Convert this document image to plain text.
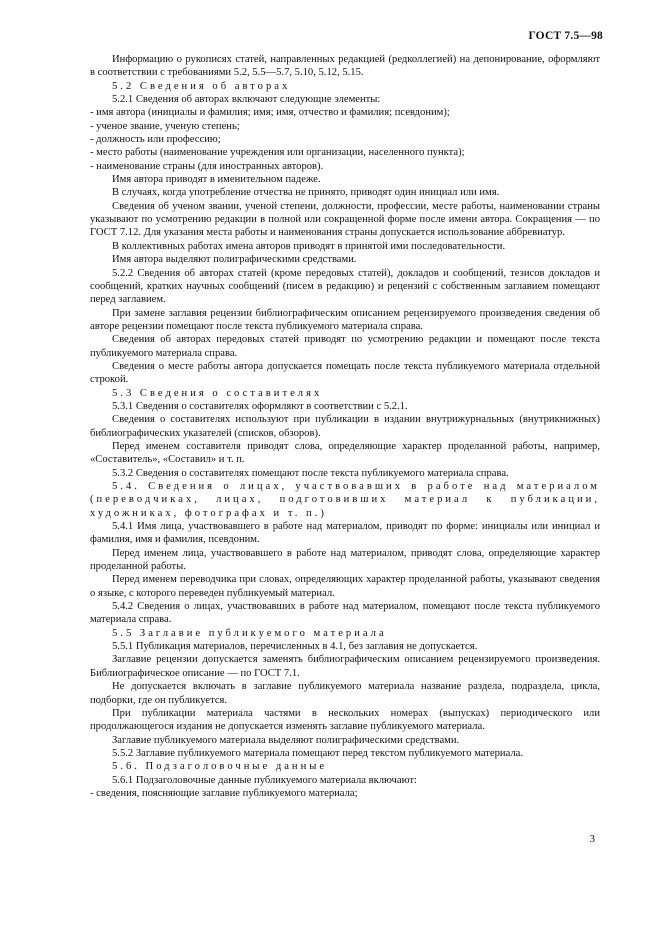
ГОСТ 7.5—98

Информацию о рукописях статей, направленных редакцией (редколлегией) на депонирование, оформляют в соответствии с требованиями 5.2, 5.5—5.7, 5.10, 5.12, 5.15.

5.2 Сведения об авторах

5.2.1 Сведения об авторах включают следующие элементы:

- имя автора (инициалы и фамилия; имя; имя, отчество и фамилия; псевдоним);

- ученое звание, ученую степень;

- должность или профессию;

- место работы (наименование учреждения или организации, населенного пункта);

- наименование страны (для иностранных авторов).

Имя автора приводят в именительном падеже.

В случаях, когда употребление отчества не принято, приводят один инициал или имя.

Сведения об ученом звании, ученой степени, должности, профессии, месте работы, наименовании страны указывают по усмотрению редакции в полной или сокращенной форме после имени автора. Сокращения — по ГОСТ 7.12. Для указания места работы и наименования страны допускается использование аббревиатур.

В коллективных работах имена авторов приводят в принятой ими последовательности.

Имя автора выделяют полиграфическими средствами.

5.2.2 Сведения об авторах статей (кроме передовых статей), докладов и сообщений, тезисов докладов и сообщений, кратких научных сообщений (писем в редакцию) и рецензий с собственным заглавием помещают перед заглавием.

При замене заглавия рецензии библиографическим описанием рецензируемого произведения сведения об авторе рецензии помещают после текста публикуемого материала справа.

Сведения об авторах передовых статей приводят по усмотрению редакции и помещают после текста публикуемого материала справа.

Сведения о месте работы автора допускается помещать после текста публикуемого материала отдельной строкой.

5.3 Сведения о составителях

5.3.1 Сведения о составителях оформляют в соответствии с 5.2.1.

Сведения о составителях используют при публикации в издании внутрижурнальных (внутрикнижных) библиографических указателей (списков, обзоров).

Перед именем составителя приводят слова, определяющие характер проделанной работы, например, «Составитель», «Составил» и т. п.

5.3.2 Сведения о составителях помещают после текста публикуемого материала справа.

5.4. Сведения о лицах, участвовавших в работе над материалом (переводчиках, лицах, подготовивших материал к публикации, художниках, фотографах и т. п.)

5.4.1 Имя лица, участвовавшего в работе над материалом, приводят по форме: инициалы или инициал и фамилия, имя и фамилия, псевдоним.

Перед именем лица, участвовавшего в работе над материалом, приводят слова, определяющие характер проделанной работы.

Перед именем переводчика при словах, определяющих характер проделанной работы, указывают сведения о языке, с которого переведен публикуемый материал.

5.4.2 Сведения о лицах, участвовавших в работе над материалом, помещают после текста публикуемого материала справа.

5.5 Заглавие публикуемого материала

5.5.1 Публикация материалов, перечисленных в 4.1, без заглавия не допускается.

Заглавие рецензии допускается заменять библиографическим описанием рецензируемого произведения. Библиографическое описание — по ГОСТ 7.1.

Не допускается включать в заглавие публикуемого материала название раздела, подраздела, цикла, подборки, где он публикуется.

При публикации материала частями в нескольких номерах (выпусках) периодического или продолжающегося издания не допускается изменять заглавие публикуемого материала.

Заглавие публикуемого материала выделяют полиграфическими средствами.

5.5.2 Заглавие публикуемого материала помещают перед текстом публикуемого материала.

5.6. Подзаголовочные данные

5.6.1 Подзаголовочные данные публикуемого материала включают:

- сведения, поясняющие заглавие публикуемого материала;

3
